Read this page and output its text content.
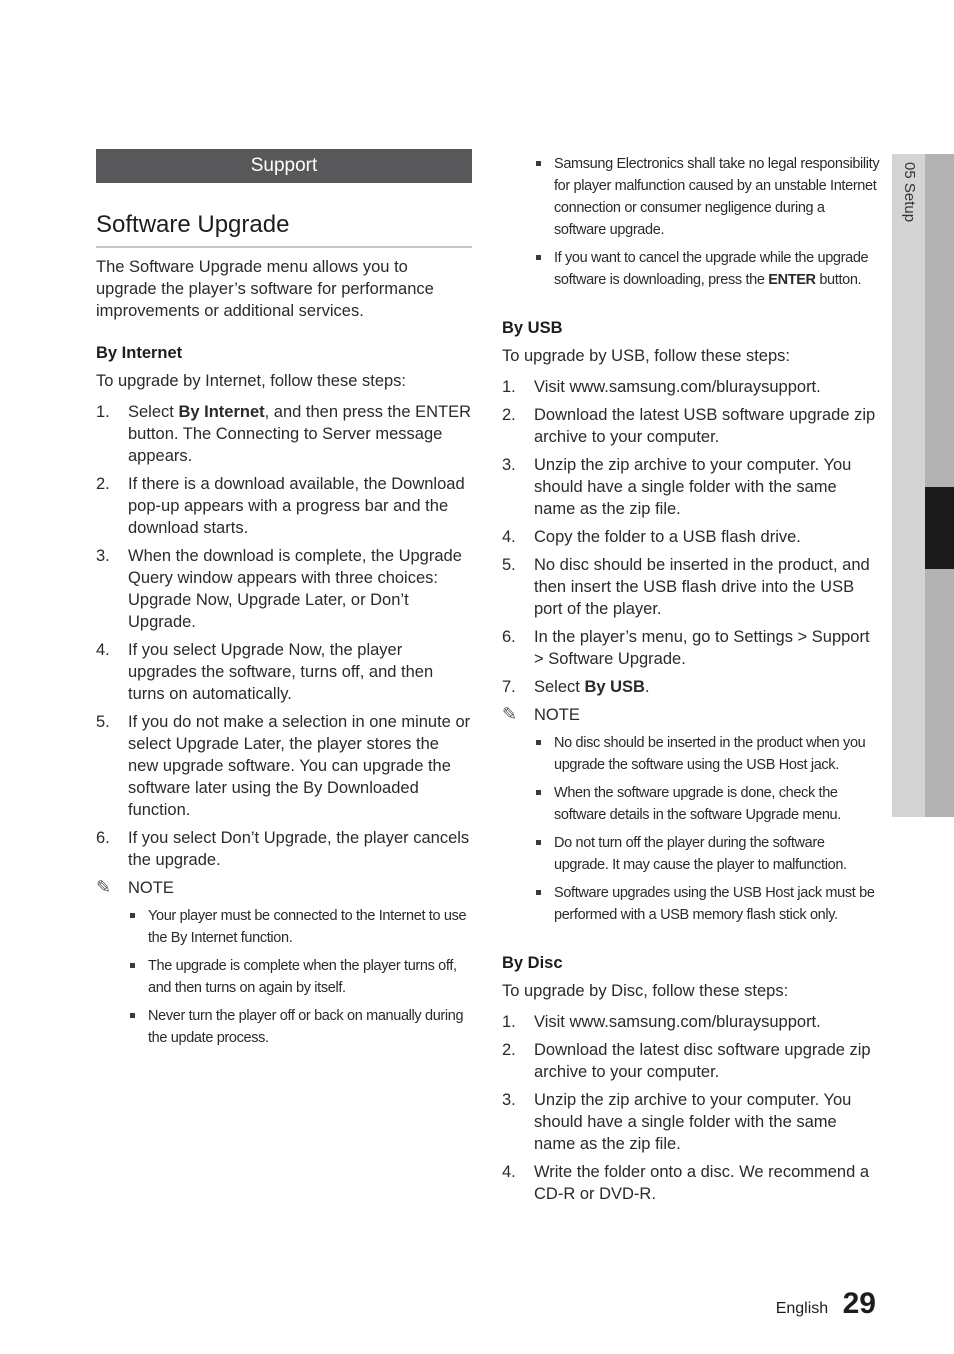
Support
Software Upgrade

The Software Upgrade menu allows you to upgrade the player’s software for performance improvements or additional services.

By Internet

To upgrade by Internet, follow these steps:

1.	Select By Internet, and then press the ENTER button. The Connecting to Server message appears.
2.	If there is a download available, the Download pop-up appears with a progress bar and the download starts.
3.	When the download is complete, the Upgrade Query window appears with three choices: Upgrade Now, Upgrade Later, or Don’t Upgrade.
4.	If you select Upgrade Now, the player upgrades the software, turns off, and then turns on automatically.
5.	If you do not make a selection in one minute or select Upgrade Later, the player stores the new upgrade software. You can upgrade the software later using the By Downloaded function.
6.	If you select Don’t Upgrade, the player cancels the upgrade.
✎ NOTE
Your player must be connected to the Internet to use the By Internet function.
The upgrade is complete when the player turns off, and then turns on again by itself.
Never turn the player off or back on manually during the update process.
Samsung Electronics shall take no legal responsibility for player malfunction caused by an unstable Internet connection or consumer negligence during a software upgrade.
If you want to cancel the upgrade while the upgrade software is downloading, press the ENTER button.
By USB

To upgrade by USB, follow these steps:

1.	Visit www.samsung.com/bluraysupport.
2.	Download the latest USB software upgrade zip archive to your computer.
3.	Unzip the zip archive to your computer. You should have a single folder with the same name as the zip file.
4.	Copy the folder to a USB flash drive.
5.	No disc should be inserted in the product, and then insert the USB flash drive into the USB port of the player.
6.	In the player’s menu, go to Settings > Support > Software Upgrade.
7.	Select By USB.
✎ NOTE
No disc should be inserted in the product when you upgrade the software using the USB Host jack.
When the software upgrade is done, check the software details in the software Upgrade menu.
Do not turn off the player during the software upgrade. It may cause the player to malfunction.
Software upgrades using the USB Host jack must be performed with a USB memory flash stick only.
By Disc

To upgrade by Disc, follow these steps:

1.	Visit www.samsung.com/bluraysupport.
2.	Download the latest disc software upgrade zip archive to your computer.
3.	Unzip the zip archive to your computer. You should have a single folder with the same name as the zip file.
4.	Write the folder onto a disc. We recommend a CD-R or DVD-R.
05 Setup
English 29
